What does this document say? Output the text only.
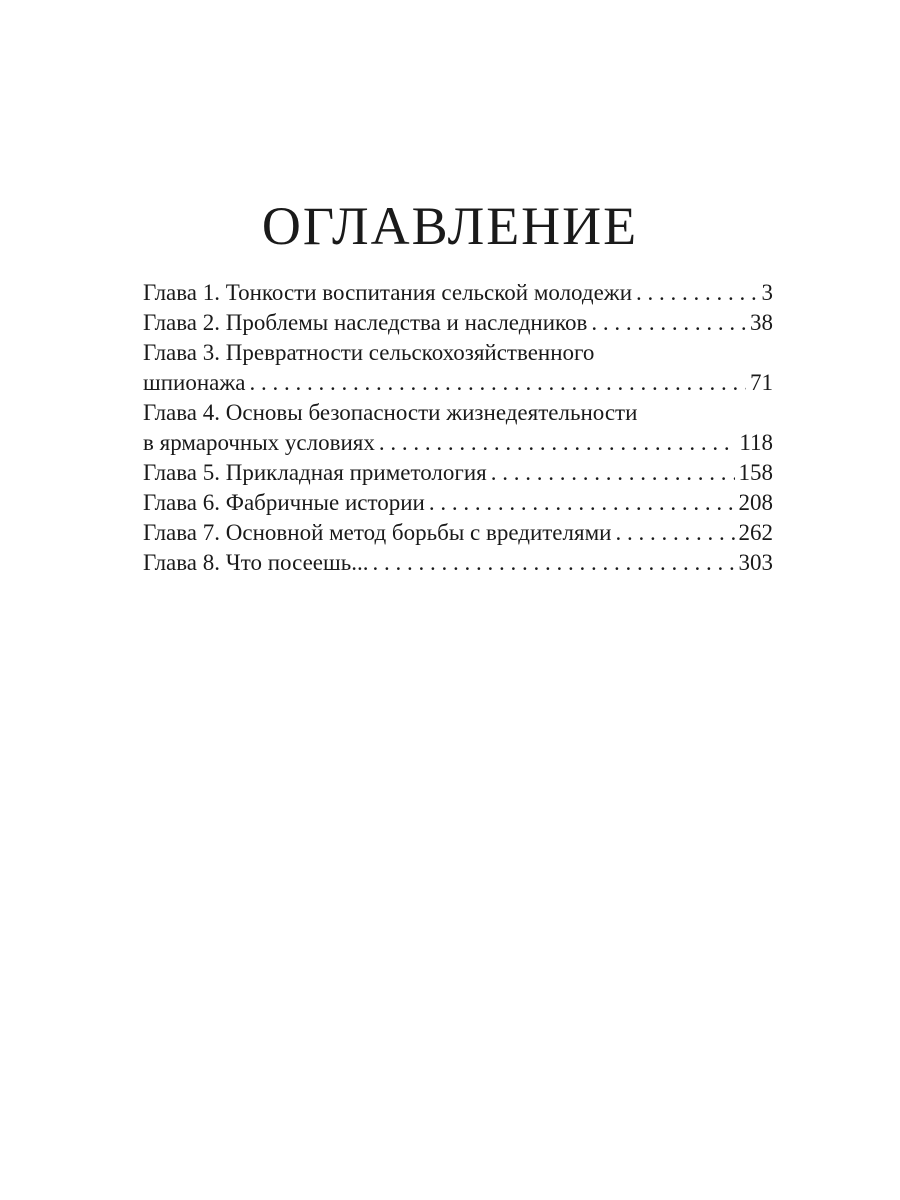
ОГЛАВЛЕНИЕ
Глава 1. Тонкости воспитания сельской молодежи . . .	3
Глава 2. Проблемы наследства и наследников . . .	38
Глава 3. Превратности сельскохозяйственного
шпионажа . . .	71
Глава 4. Основы безопасности жизнедеятельности
в ярмарочных условиях . . .	118
Глава 5. Прикладная приметология . . .	158
Глава 6. Фабричные истории . . .	208
Глава 7. Основной метод борьбы с вредителями . . .	262
Глава 8. Что посеешь... . . .	303
